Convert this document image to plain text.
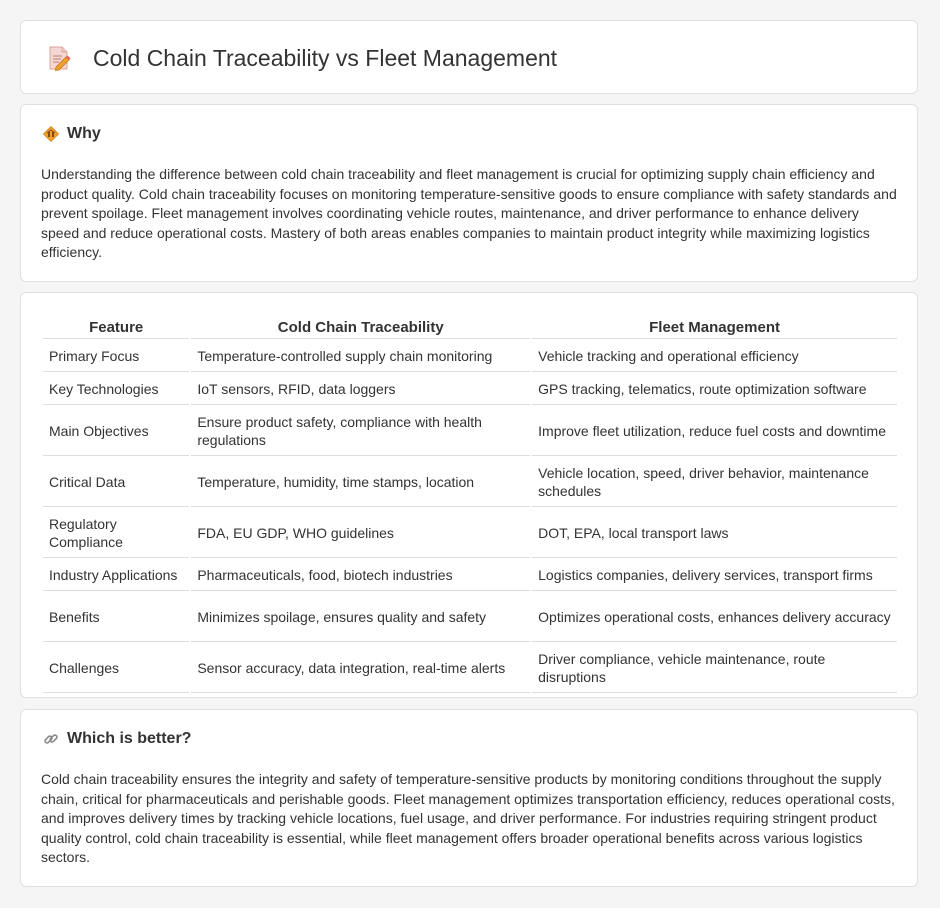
Cold Chain Traceability vs Fleet Management
Why

Understanding the difference between cold chain traceability and fleet management is crucial for optimizing supply chain efficiency and product quality. Cold chain traceability focuses on monitoring temperature-sensitive goods to ensure compliance with safety standards and prevent spoilage. Fleet management involves coordinating vehicle routes, maintenance, and driver performance to enhance delivery speed and reduce operational costs. Mastery of both areas enables companies to maintain product integrity while maximizing logistics efficiency.

Feature	Cold Chain Traceability	Fleet Management
Primary Focus	Temperature-controlled supply chain monitoring	Vehicle tracking and operational efficiency
Key Technologies	IoT sensors, RFID, data loggers	GPS tracking, telematics, route optimization software
Main Objectives	Ensure product safety, compliance with health regulations	Improve fleet utilization, reduce fuel costs and downtime
Critical Data	Temperature, humidity, time stamps, location	Vehicle location, speed, driver behavior, maintenance schedules
Regulatory Compliance	FDA, EU GDP, WHO guidelines	DOT, EPA, local transport laws
Industry Applications	Pharmaceuticals, food, biotech industries	Logistics companies, delivery services, transport firms
Benefits	Minimizes spoilage, ensures quality and safety	Optimizes operational costs, enhances delivery accuracy
Challenges	Sensor accuracy, data integration, real-time alerts	Driver compliance, vehicle maintenance, route disruptions
Which is better?

Cold chain traceability ensures the integrity and safety of temperature-sensitive products by monitoring conditions throughout the supply chain, critical for pharmaceuticals and perishable goods. Fleet management optimizes transportation efficiency, reduces operational costs, and improves delivery times by tracking vehicle locations, fuel usage, and driver performance. For industries requiring stringent product quality control, cold chain traceability is essential, while fleet management offers broader operational benefits across various logistics sectors.
